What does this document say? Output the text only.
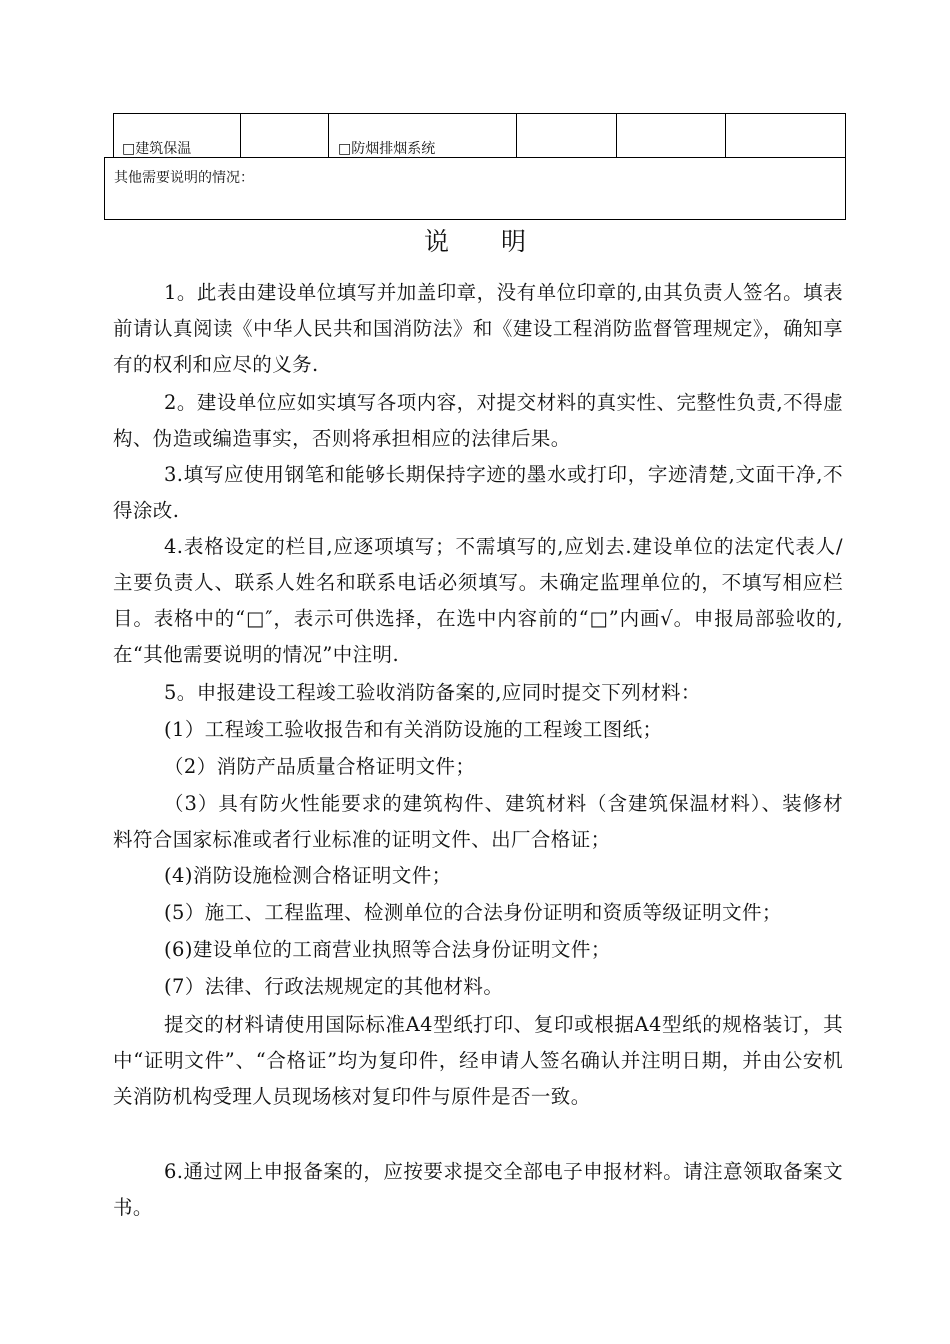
□建筑保温	□防烟排烟系统
其他需要说明的情况：
说明
1。此表由建设单位填写并加盖印章，没有单位印章的,由其负责人签名。填表前请认真阅读《中华人民共和国消防法》和《建设工程消防监督管理规定》，确知享有的权利和应尽的义务.
2。建设单位应如实填写各项内容，对提交材料的真实性、完整性负责,不得虚构、伪造或编造事实，否则将承担相应的法律后果。
3.填写应使用钢笔和能够长期保持字迹的墨水或打印，字迹清楚,文面干净,不得涂改.
4.表格设定的栏目,应逐项填写；不需填写的,应划去.建设单位的法定代表人/主要负责人、联系人姓名和联系电话必须填写。未确定监理单位的，不填写相应栏目。表格中的“□″，表示可供选择，在选中内容前的“□”内画√。申报局部验收的,在“其他需要说明的情况”中注明.
5。申报建设工程竣工验收消防备案的,应同时提交下列材料：
(1）工程竣工验收报告和有关消防设施的工程竣工图纸；
（2）消防产品质量合格证明文件；
（3）具有防火性能要求的建筑构件、建筑材料（含建筑保温材料）、装修材料符合国家标准或者行业标准的证明文件、出厂合格证；
(4)消防设施检测合格证明文件；
(5）施工、工程监理、检测单位的合法身份证明和资质等级证明文件；
(6)建设单位的工商营业执照等合法身份证明文件；
(7）法律、行政法规规定的其他材料。
提交的材料请使用国际标准A4型纸打印、复印或根据A4型纸的规格装订，其中“证明文件”、“合格证”均为复印件，经申请人签名确认并注明日期，并由公安机关消防机构受理人员现场核对复印件与原件是否一致。
6.通过网上申报备案的，应按要求提交全部电子申报材料。请注意领取备案文书。
